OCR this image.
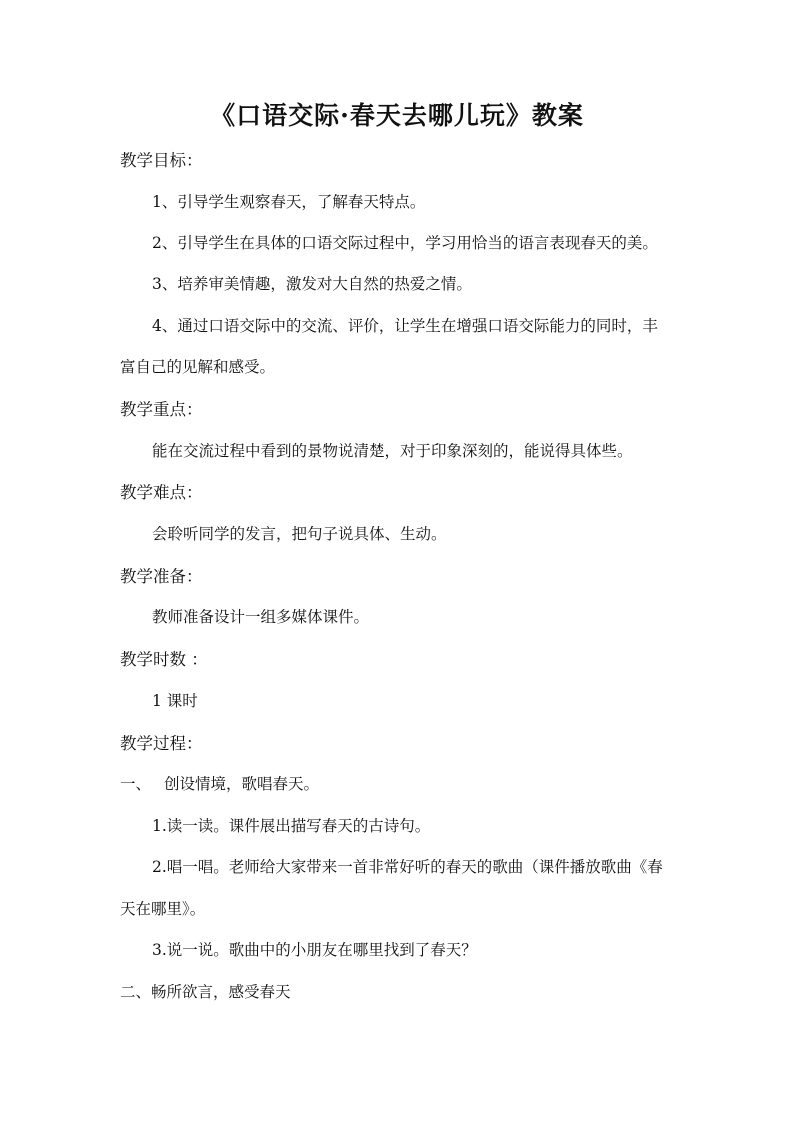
《口语交际·春天去哪儿玩》教案
教学目标：
1、引导学生观察春天，了解春天特点。
2、引导学生在具体的口语交际过程中，学习用恰当的语言表现春天的美。
3、培养审美情趣，激发对大自然的热爱之情。
4、通过口语交际中的交流、评价，让学生在增强口语交际能力的同时，丰
富自己的见解和感受。
教学重点：
能在交流过程中看到的景物说清楚，对于印象深刻的，能说得具体些。
教学难点：
会聆听同学的发言，把句子说具体、生动。
教学准备：
教师准备设计一组多媒体课件。
教学时数 ：
1 课时
教学过程：
一、 创设情境，歌唱春天。
1.读一读。课件展出描写春天的古诗句。
2.唱一唱。老师给大家带来一首非常好听的春天的歌曲（课件播放歌曲《春
天在哪里》。
3.说一说。歌曲中的小朋友在哪里找到了春天？
二、畅所欲言，感受春天
